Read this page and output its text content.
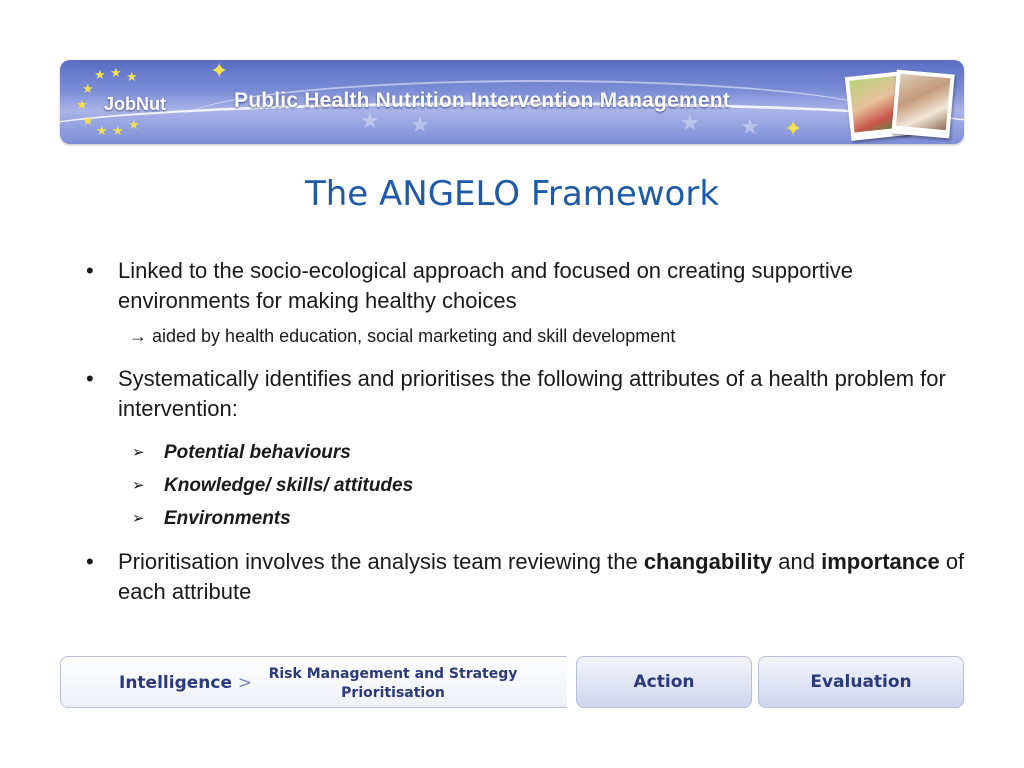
★ ★	★ ★
✦
✦
★ ★ ★
★
★
★
★ ★ ★
JobNut	Public Health Nutrition Intervention Management
The ANGELO Framework
• Linked to the socio-ecological approach and focused on creating supportive environments for making healthy choices
→ aided by health education, social marketing and skill development
• Systematically identifies and prioritises the following attributes of a health problem for intervention:
➢ Potential behaviours
➢ Knowledge/ skills/ attitudes
➢ Environments
• Prioritisation involves the analysis team reviewing the changability and importance of each attribute
Intelligence >	Risk Management and Strategy
Prioritisation
Action	Evaluation
